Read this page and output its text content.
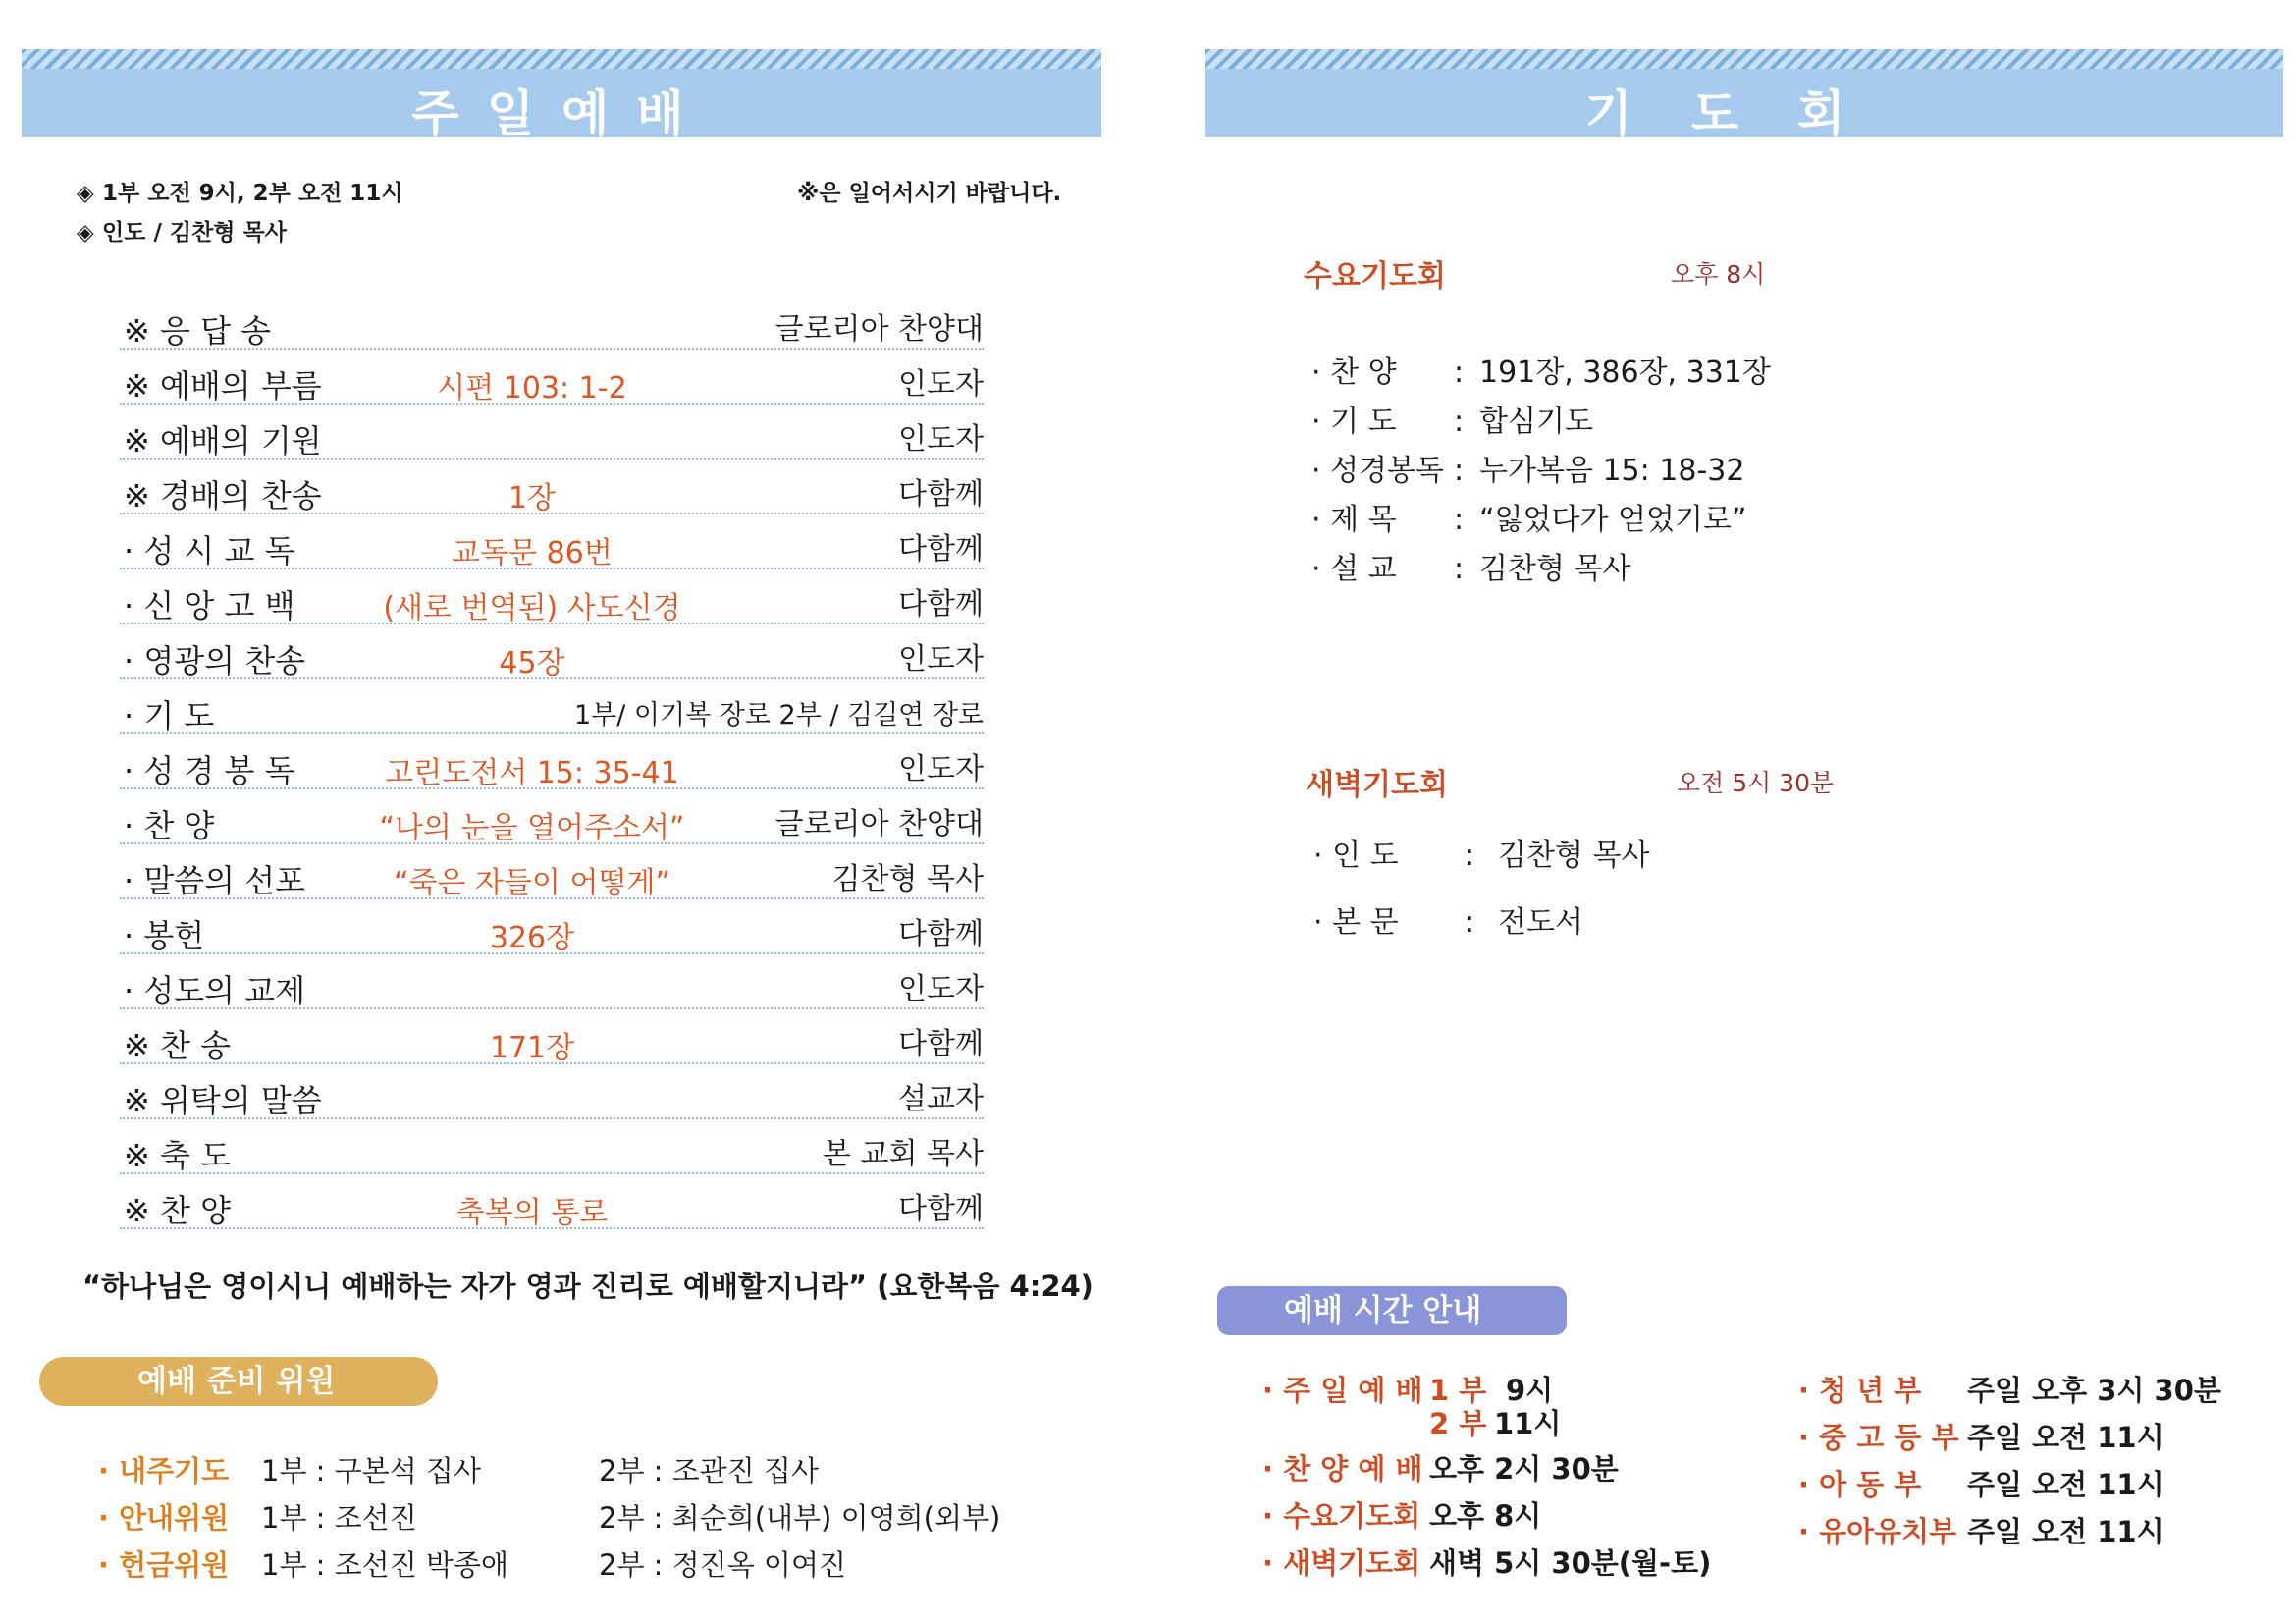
주일예배
◈ 1부 오전 9시, 2부 오전 11시
◈ 인도 / 김찬형 목사
※은 일어서시기 바랍니다.
※ 응 답 송	글로리아 찬양대
※ 예배의 부름	시편 103: 1-2	인도자
※ 예배의 기원	인도자
※ 경배의 찬송	1장	다함께
· 성 시 교 독	교독문 86번	다함께
· 신 앙 고 백	(새로 번역된) 사도신경	다함께
· 영광의 찬송	45장	인도자
· 기 도	1부/ 이기복 장로 2부 / 김길연 장로
· 성 경 봉 독	고린도전서 15: 35-41	인도자
· 찬 양	“나의 눈을 열어주소서”	글로리아 찬양대
· 말씀의 선포	“죽은 자들이 어떻게”	김찬형 목사
· 봉헌	326장	다함께
· 성도의 교제	인도자
※ 찬 송	171장	다함께
※ 위탁의 말씀	설교자
※ 축 도	본 교회 목사
※ 찬 양	축복의 통로	다함께
“하나님은 영이시니 예배하는 자가 영과 진리로 예배할지니라” (요한복음 4:24)
예배 준비 위원
· 내주기도 1부 : 구본석 집사	2부 : 조관진 집사
· 안내위원 1부 : 조선진	2부 : 최순희(내부) 이영희(외부)
· 헌금위원 1부 : 조선진 박종애	2부 : 정진옥 이여진
기도회
수요기도회	오후 8시
· 찬 양 : 191장, 386장, 331장
· 기 도 : 합심기도
· 성경봉독 : 누가복음 15: 18-32
· 제 목 : “잃었다가 얻었기로”
· 설 교 : 김찬형 목사
새벽기도회	오전 5시 30분
· 인 도 : 김찬형 목사
· 본 문 : 전도서
예배 시간 안내
· 주 일 예 배 1 부 9시
2 부 11시
· 찬 양 예 배 오후 2시 30분
· 수요기도회 오후 8시
· 새벽기도회 새벽 5시 30분(월-토)
· 청 년 부 주일 오후 3시 30분
· 중 고 등 부 주일 오전 11시
· 아 동 부 주일 오전 11시
· 유아유치부 주일 오전 11시
